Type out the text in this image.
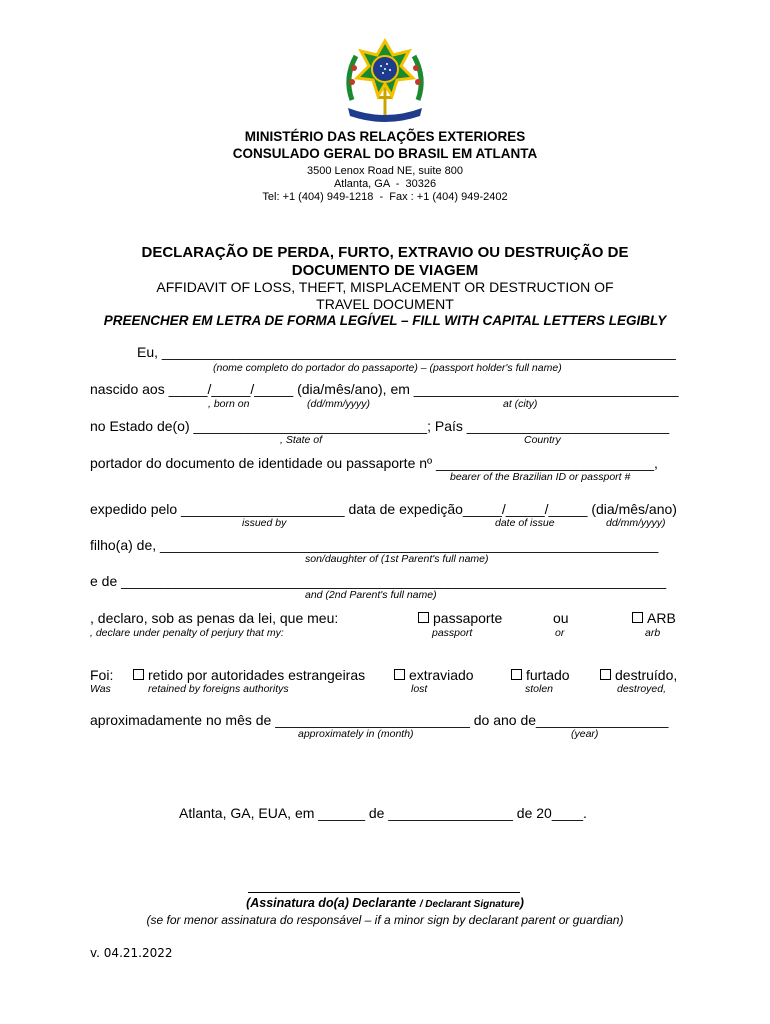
MINISTÉRIO DAS RELAÇÕES EXTERIORES
CONSULADO GERAL DO BRASIL EM ATLANTA
3500 Lenox Road NE, suite 800
Atlanta, GA  -  30326
Tel: +1 (404) 949-1218  -  Fax : +1 (404) 949-2402
DECLARAÇÃO DE PERDA, FURTO, EXTRAVIO OU DESTRUIÇÃO DE
DOCUMENTO DE VIAGEM
AFFIDAVIT OF LOSS, THEFT, MISPLACEMENT OR DESTRUCTION OF
TRAVEL DOCUMENT
PREENCHER EM LETRA DE FORMA LEGÍVEL – FILL WITH CAPITAL LETTERS LEGIBLY
Eu, __________________________________________________________________
(nome completo do portador do passaporte) – (passport holder's full name)
nascido aos _____/_____/_____ (dia/mês/ano), em __________________________________
, born on	(dd/mm/yyyy)	at (city)
no Estado de(o) ______________________________; País __________________________
, State of	Country
portador do documento de identidade ou passaporte nº ____________________________,
bearer of the Brazilian ID or passport #
expedido pelo _____________________ data de expedição_____/_____/_____ (dia/mês/ano)
issued by	date of issue	dd/mm/yyyy)
filho(a) de, ________________________________________________________________
son/daughter of (1st Parent's full name)
e de ______________________________________________________________________
and (2nd Parent's full name)
, declaro, sob as penas da lei, que meu:
, declare under penalty of perjury that my:
passaporte
passport
ou
or
ARB
arb
Foi:
Was
retido por autoridades estrangeiras
retained by foreigns authoritys
extraviado
lost
furtado
stolen
destruído,
destroyed,
aproximadamente no mês de _________________________ do ano de_________________
approximately in (month)	(year)
Atlanta, GA, EUA, em ______ de ________________ de 20____.
(Assinatura do(a) Declarante / Declarant Signature)
(se for menor assinatura do responsável – if a minor sign by declarant parent or guardian)
v. 04.21.2022
